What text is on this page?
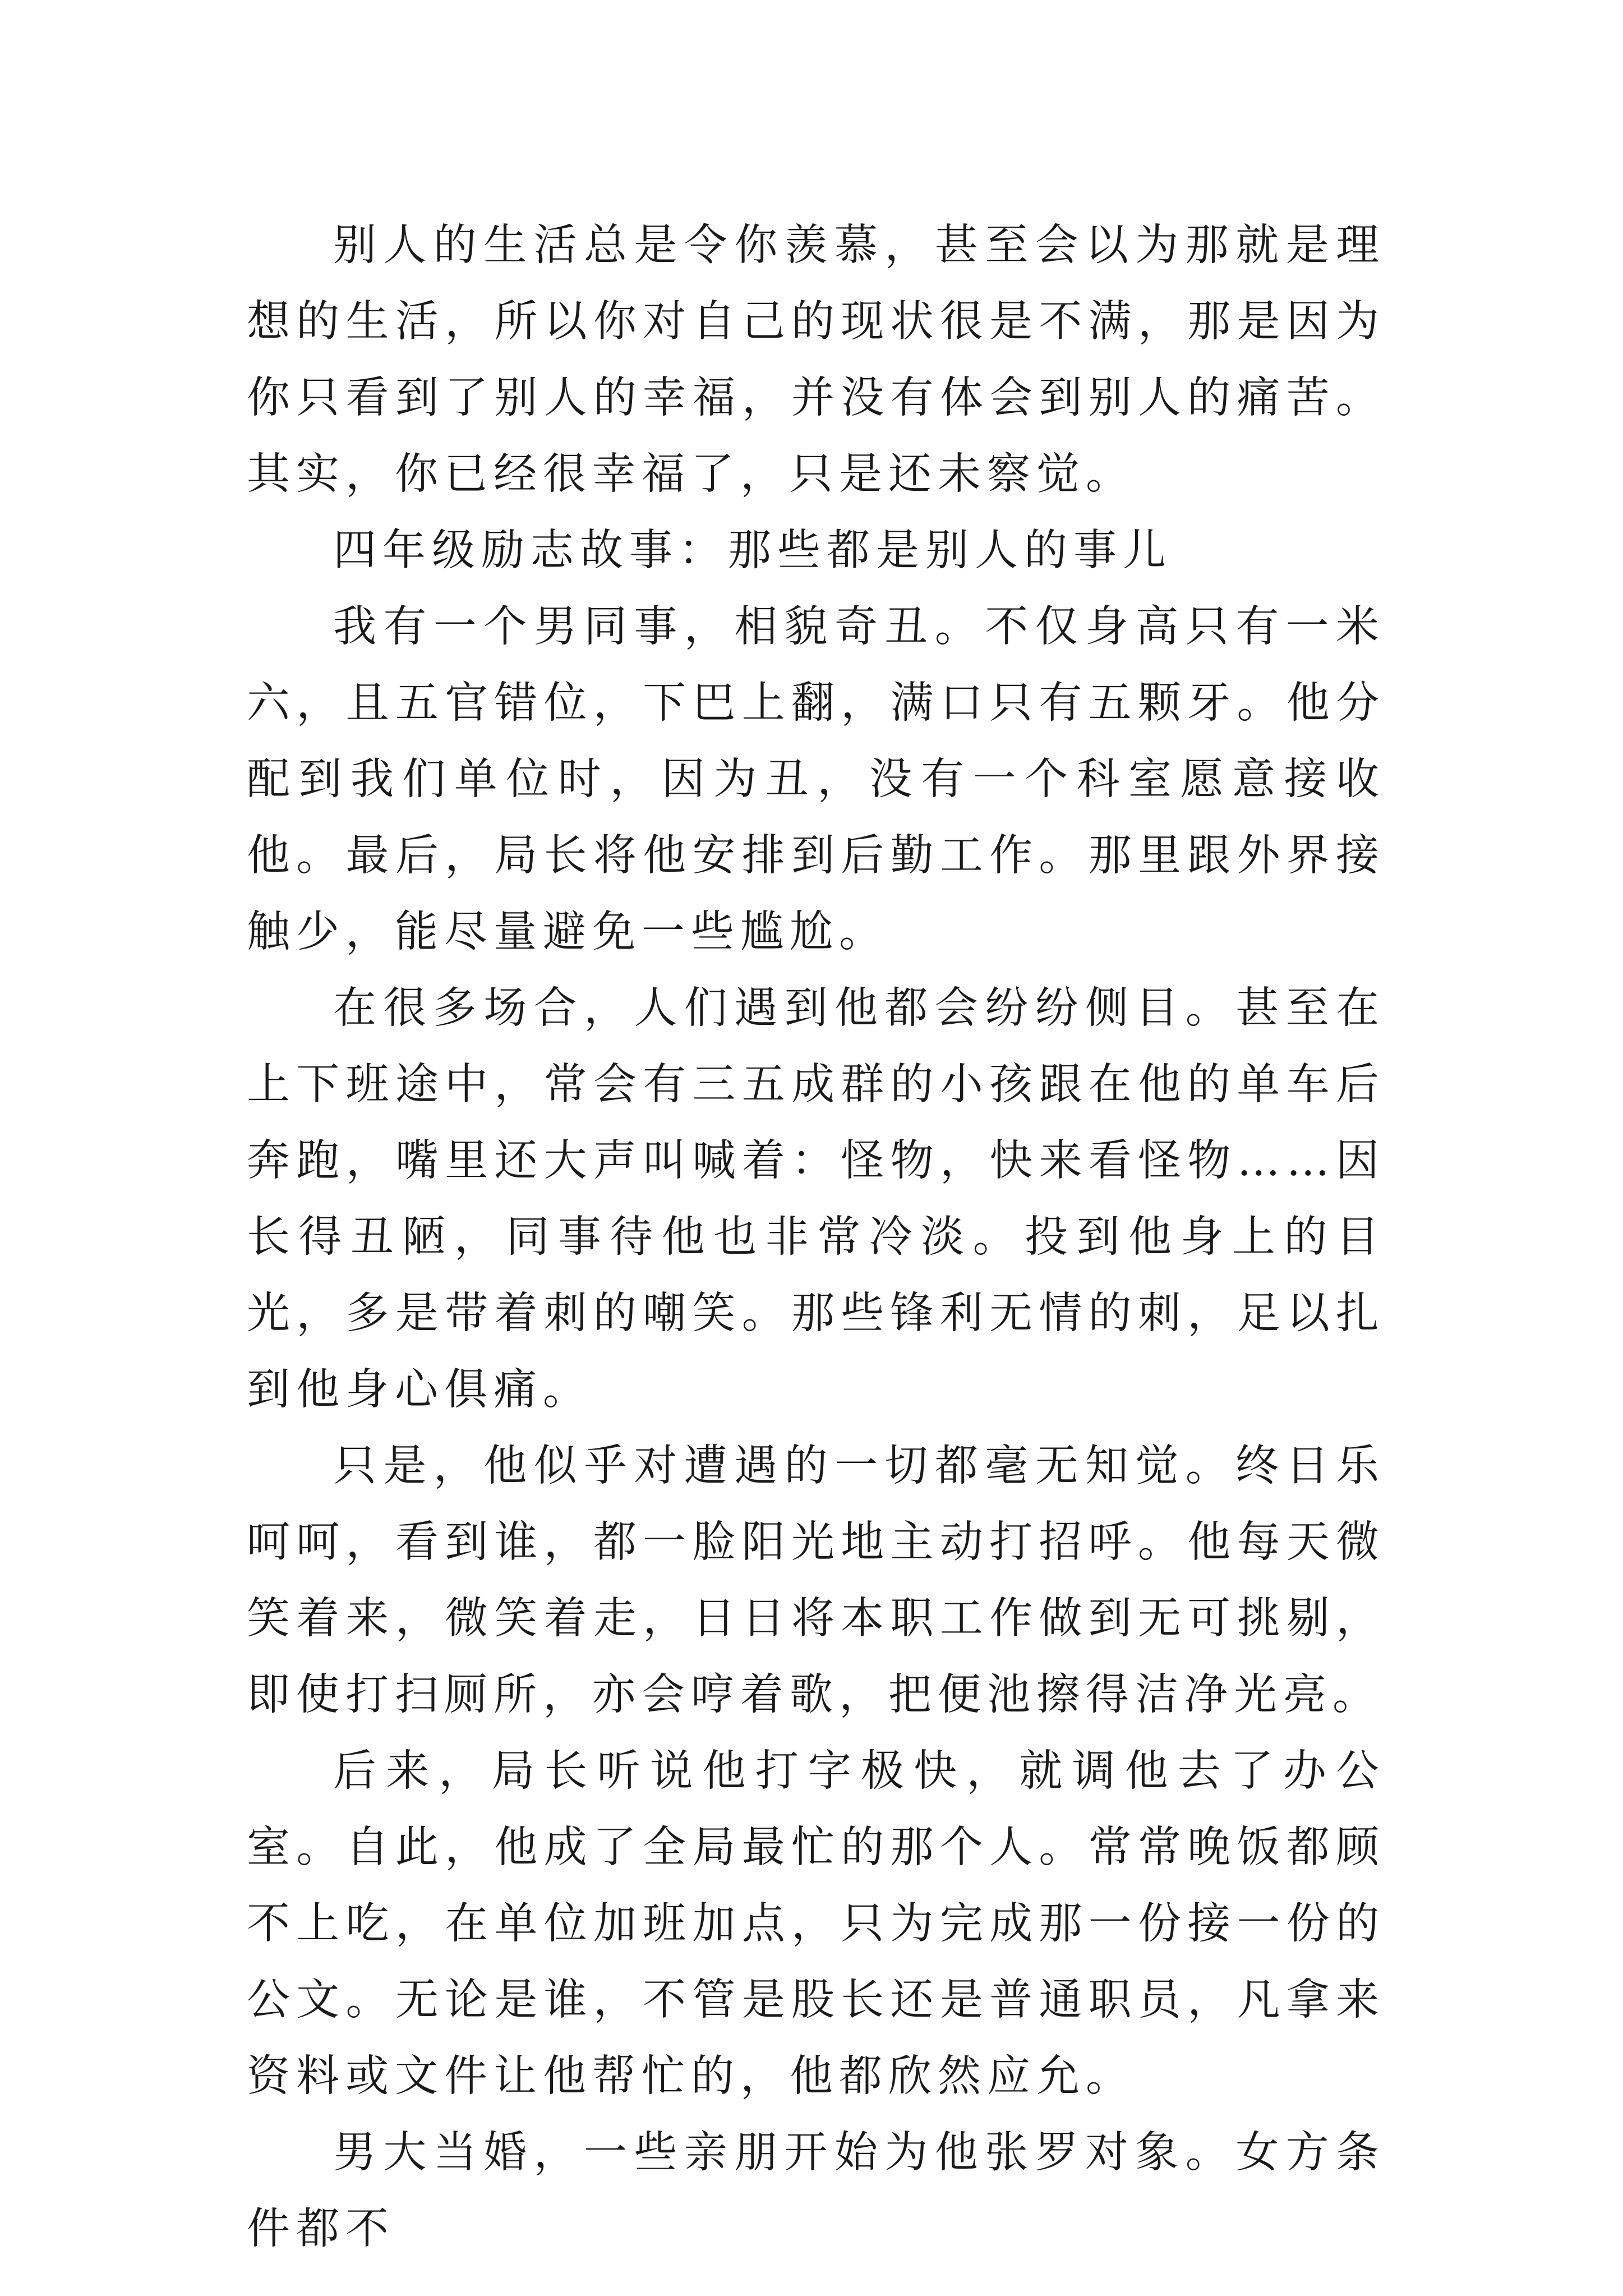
别人的生活总是令你羡慕，甚至会以为那就是理想的生活，所以你对自己的现状很是不满，那是因为你只看到了别人的幸福，并没有体会到别人的痛苦。其实，你已经很幸福了，只是还未察觉。

四年级励志故事：那些都是别人的事儿

我有一个男同事，相貌奇丑。不仅身高只有一米六，且五官错位，下巴上翻，满口只有五颗牙。他分配到我们单位时，因为丑，没有一个科室愿意接收他。最后，局长将他安排到后勤工作。那里跟外界接触少，能尽量避免一些尴尬。

在很多场合，人们遇到他都会纷纷侧目。甚至在上下班途中，常会有三五成群的小孩跟在他的单车后奔跑，嘴里还大声叫喊着：怪物，快来看怪物……因长得丑陋，同事待他也非常冷淡。投到他身上的目光，多是带着刺的嘲笑。那些锋利无情的刺，足以扎到他身心俱痛。

只是，他似乎对遭遇的一切都毫无知觉。终日乐呵呵，看到谁，都一脸阳光地主动打招呼。他每天微笑着来，微笑着走，日日将本职工作做到无可挑剔，即使打扫厕所，亦会哼着歌，把便池擦得洁净光亮。

后来，局长听说他打字极快，就调他去了办公室。自此，他成了全局最忙的那个人。常常晚饭都顾不上吃，在单位加班加点，只为完成那一份接一份的公文。无论是谁，不管是股长还是普通职员，凡拿来资料或文件让他帮忙的，他都欣然应允。

男大当婚，一些亲朋开始为他张罗对象。女方条件都不
